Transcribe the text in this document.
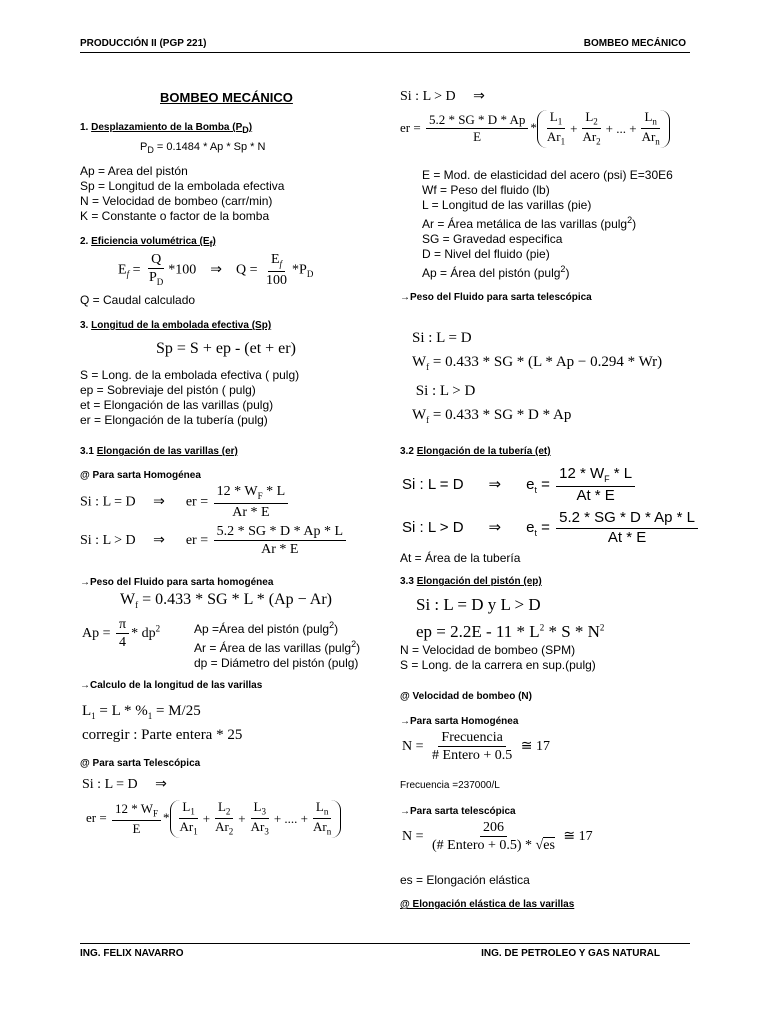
PRODUCCIÓN II (PGP 221)	BOMBEO MECÁNICO
BOMBEO MECÁNICO
1. Desplazamiento de la Bomba $(P_D)$
$P_D = 0.1484 * Ap * Sp * N$
Ap = Area del pistón
Sp = Longitud de la embolada efectiva
N = Velocidad de bombeo (carr/min)
K = Constante o factor de la bomba
2. Eficiencia volumétrica $(E_f)$
$E_f = \frac{Q}{P_D} *100$    ⇒    $Q = \frac{E_f}{100} *P_D$
Q = Caudal calculado
3. Longitud de la embolada efectiva (Sp)
Sp = S + ep - (et + er)
S = Long. de la embolada efectiva ( pulg)
ep = Sobreviaje del pistón ( pulg)
et = Elongación de las varillas (pulg)
er = Elongación de la tubería (pulg)
3.1 Elongación de las varillas (er)
@ Para sarta Homogénea
Si : L = D     ⇒      er = $\frac{12 * W_F * L}{Ar * E}$
Si : L > D     ⇒      er = $\frac{5.2 * SG * D * Ap * L}{Ar * E}$
→Peso del Fluido para sarta homogénea
$W_f = 0.433$ * SG * L * (Ap − Ar)
$Ap = \frac{\pi}{4} * dp^2$	Ap =Área del pistón (pulg$^2$)
Ar = Área de las varillas (pulg$^2$)
dp = Diámetro del pistón (pulg)
→Calculo de la longitud de las varillas
$L_1 = L * \%_1 = M/25$
corregir : Parte entera * 25
@ Para sarta Telescópica
Si : L = D     ⇒
er = $\frac{12 * W_F}{E} * \frac{L_1}{Ar_1} + \frac{L_2}{Ar_2} + \frac{L_3}{Ar_3}$ + .... + $\frac{L_n}{Ar_n}$
Si : L > D     ⇒
er = $\frac{5.2 * SG * D * Ap}{E} * \frac{L_1}{Ar_1} + \frac{L_2}{Ar_2}$ + ... + $\frac{L_n}{Ar_n}$
E = Mod. de elasticidad del acero (psi) E=30E6
Wf = Peso del fluido (lb)
L = Longitud de las varillas (pie)
Ar = Área metálica de las varillas (pulg$^2$)
SG = Gravedad especifica
D = Nivel del fluido (pie)
Ap = Área del pistón (pulg$^2$)
→Peso del Fluido para sarta telescópica
Si : L = D
$W_f = 0.433$ * SG * (L * Ap − 0.294 * Wr)
Si : L > D
$W_f = 0.433$ * SG * D * Ap
3.2 Elongación de la tubería (et)
Si : L = D      ⇒      $e_t = \frac{12 * W_F * L}{At * E}$
Si : L > D      ⇒      $e_t = \frac{5.2 * SG * D * Ap * L}{At * E}$
At = Área de la tubería
3.3 Elongación del pistón (ep)
Si : L = D y L > D
ep = $2.2E - 11 * L^2$ * S * $N^2$
N = Velocidad de bombeo (SPM)
S = Long. de la carrera en sup.(pulg)
@ Velocidad de bombeo (N)
→Para sarta Homogénea
$N = \frac{\text{Frecuencia}}{\text{\# Entero + 0.5}}$ ≅ 17
Frecuencia =237000/L
→Para sarta telescópica
$N = \frac{206}{\text{(\# Entero + 0.5) * √es}}$ ≅ 17
es = Elongación elástica
@ Elongación elástica de las varillas
ING. FELIX NAVARRO	ING. DE PETROLEO Y GAS NATURAL
